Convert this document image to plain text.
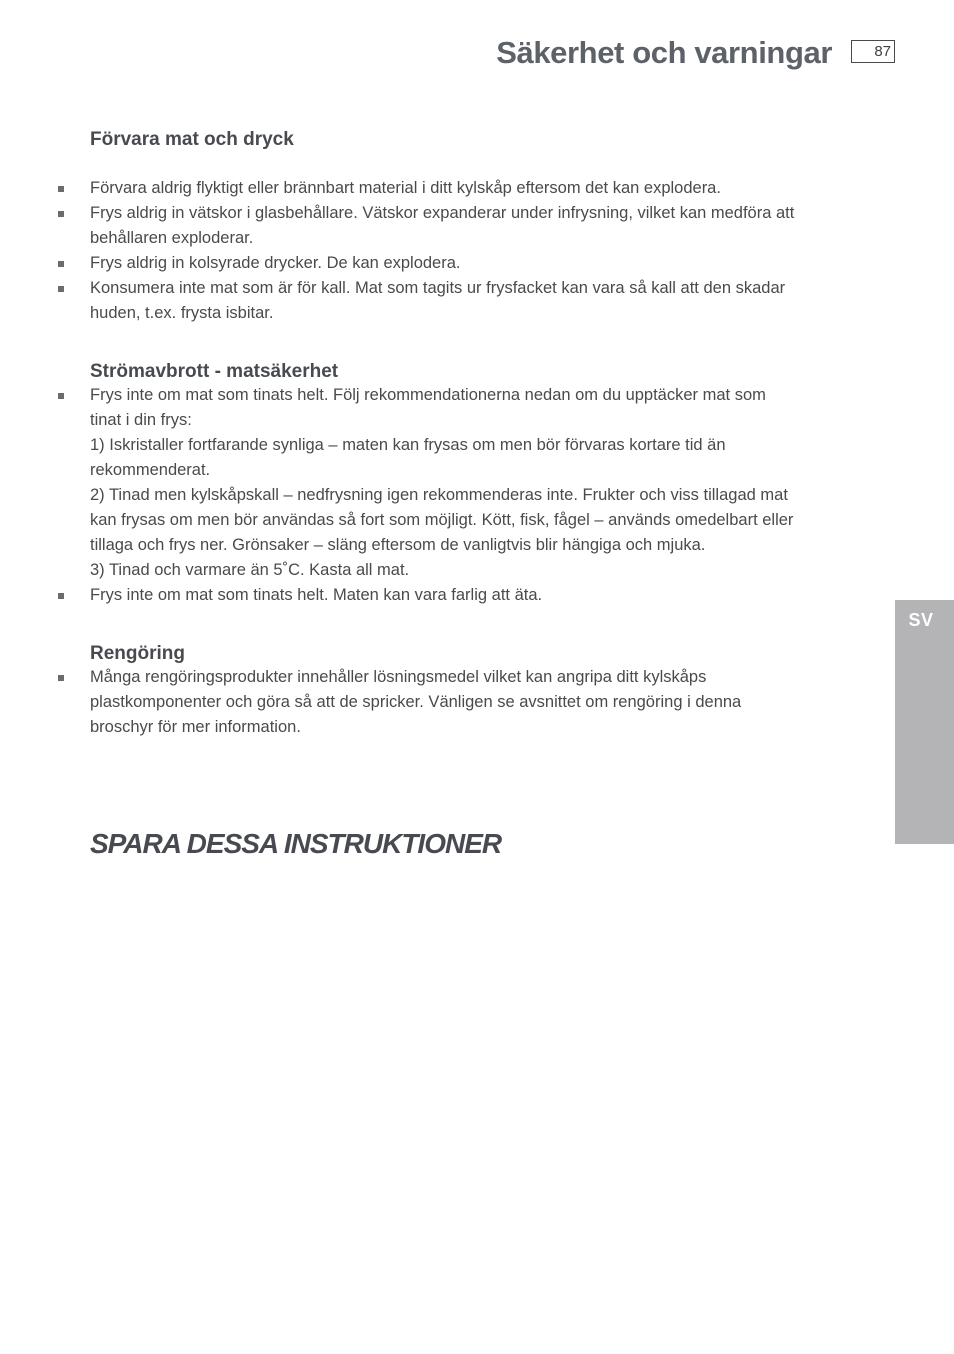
Säkerhet och varningar	87
Förvara mat och dryck
Förvara aldrig flyktigt eller brännbart material i ditt kylskåp eftersom det kan explodera.
Frys aldrig in vätskor i glasbehållare. Vätskor expanderar under infrysning, vilket kan medföra att
behållaren exploderar.
Frys aldrig in kolsyrade drycker. De kan explodera.
Konsumera inte mat som är för kall. Mat som tagits ur frysfacket kan vara så kall att den skadar
huden, t.ex. frysta isbitar.
Strömavbrott - matsäkerhet
Frys inte om mat som tinats helt. Följ rekommendationerna nedan om du upptäcker mat som
tinat i din frys:
1) Iskristaller fortfarande synliga – maten kan frysas om men bör förvaras kortare tid än
rekommenderat.
2) Tinad men kylskåpskall – nedfrysning igen rekommenderas inte. Frukter och viss tillagad mat
kan frysas om men bör användas så fort som möjligt. Kött, fisk, fågel – används omedelbart eller
tillaga och frys ner. Grönsaker – släng eftersom de vanligtvis blir hängiga och mjuka.
3) Tinad och varmare än 5˚C. Kasta all mat.
Frys inte om mat som tinats helt. Maten kan vara farlig att äta.
Rengöring
Många rengöringsprodukter innehåller lösningsmedel vilket kan angripa ditt kylskåps
plastkomponenter och göra så att de spricker. Vänligen se avsnittet om rengöring i denna
broschyr för mer information.
SPARA DESSA INSTRUKTIONER
SV
